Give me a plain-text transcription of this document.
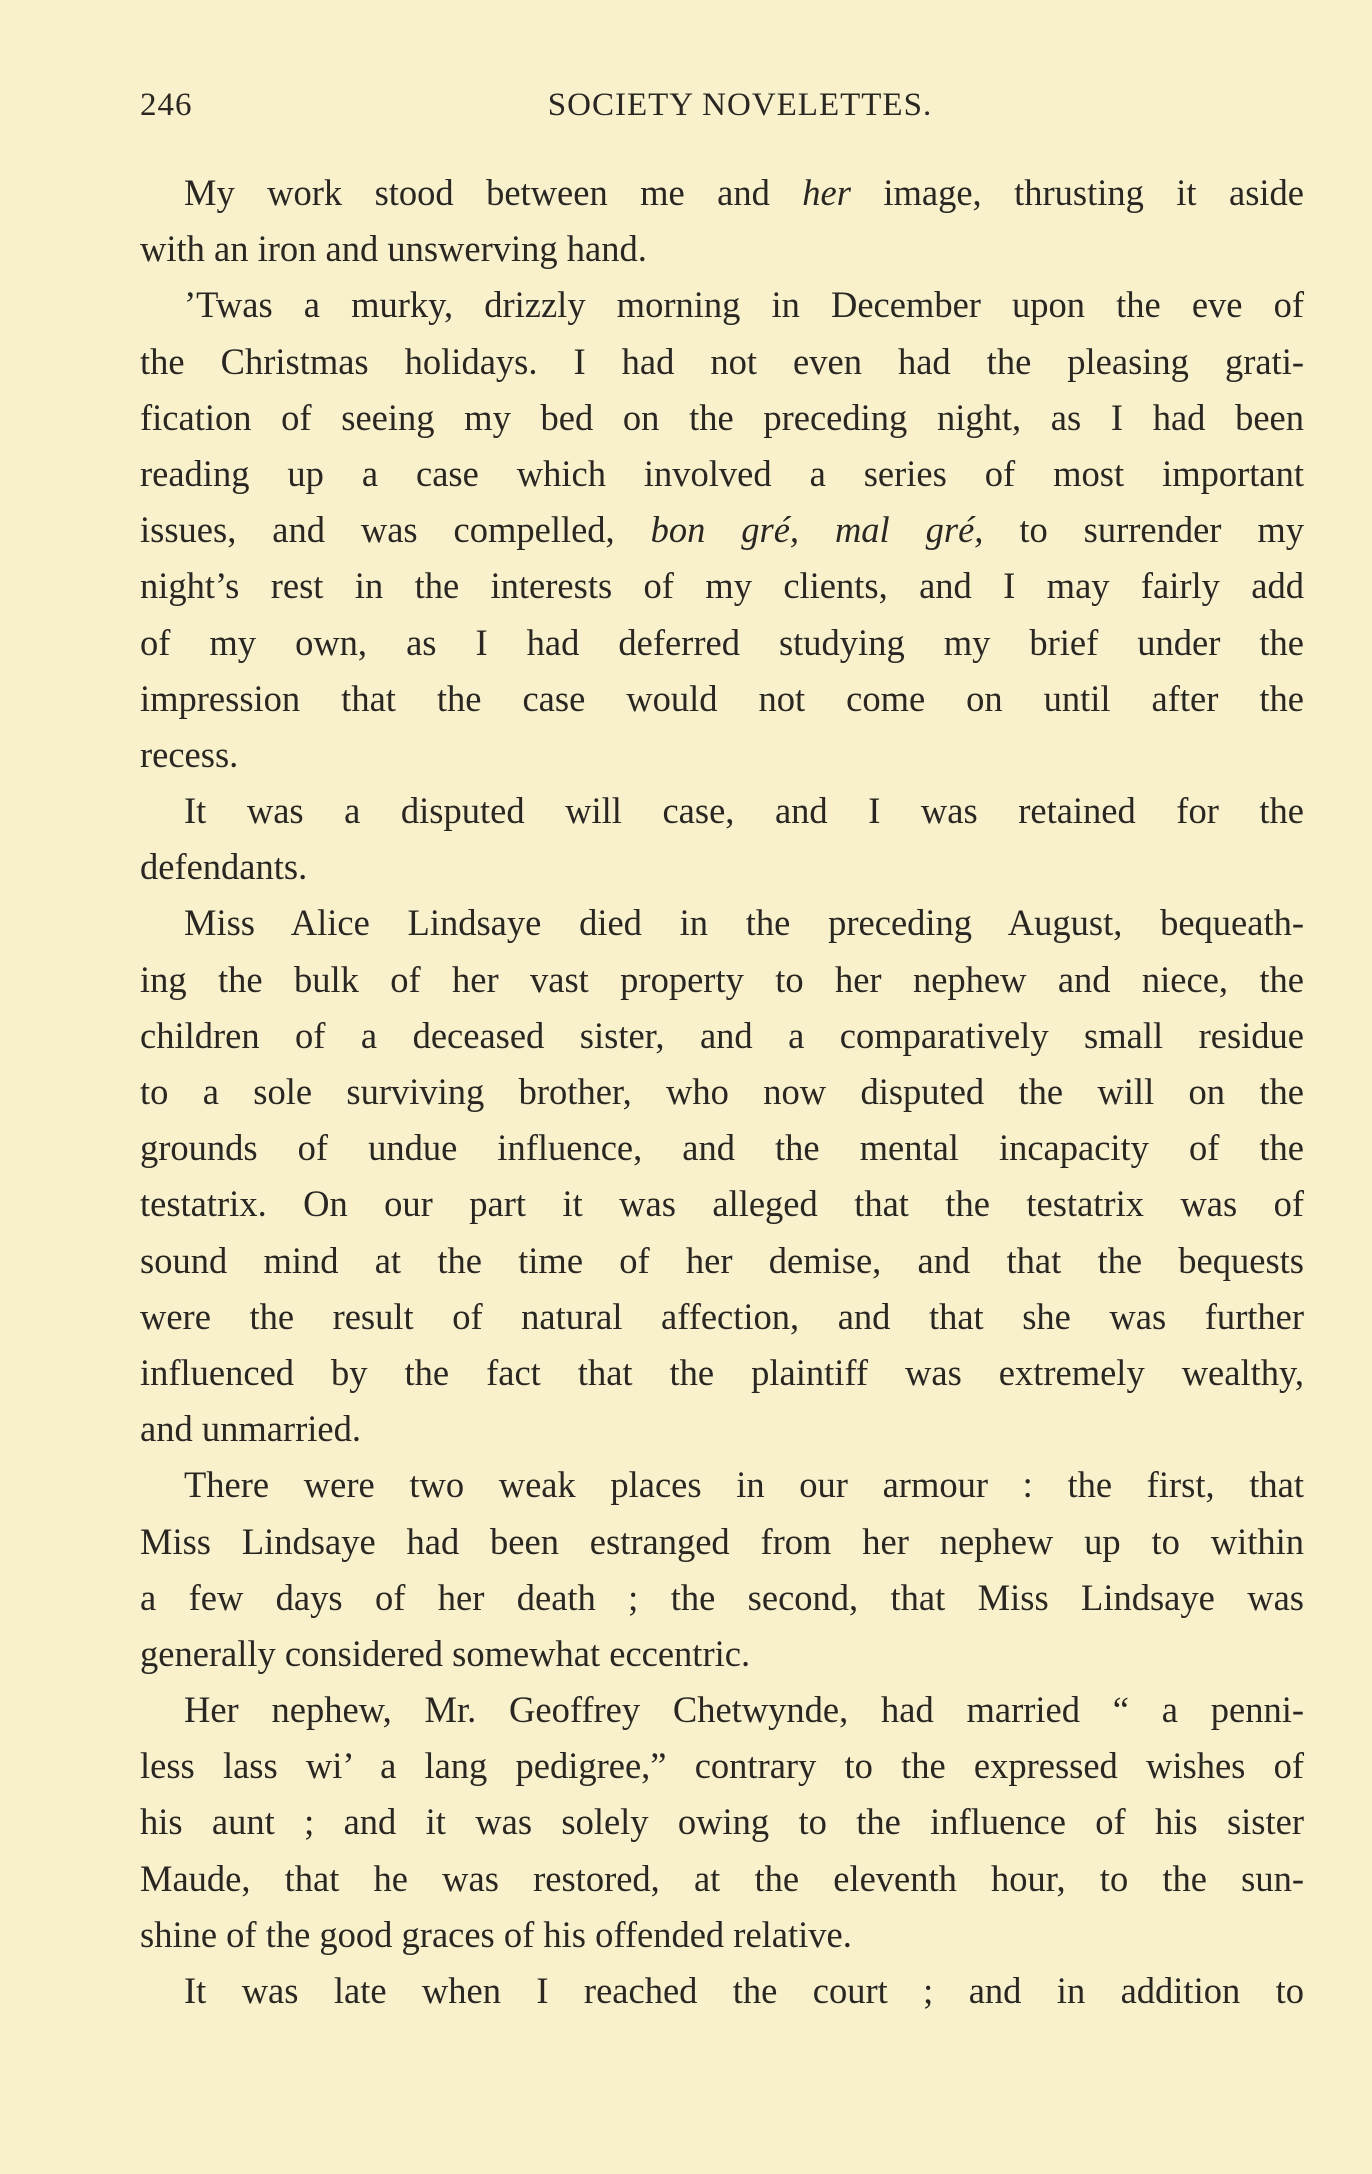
246	SOCIETY NOVELETTES.
My work stood between me and her image, thrusting it aside
with an iron and unswerving hand.
’Twas a murky, drizzly morning in December upon the eve of
the Christmas holidays. I had not even had the pleasing grati-
fication of seeing my bed on the preceding night, as I had been
reading up a case which involved a series of most important
issues, and was compelled, bon gré, mal gré, to surrender my
night’s rest in the interests of my clients, and I may fairly add
of my own, as I had deferred studying my brief under the
impression that the case would not come on until after the
recess.
It was a disputed will case, and I was retained for the
defendants.
Miss Alice Lindsaye died in the preceding August, bequeath-
ing the bulk of her vast property to her nephew and niece, the
children of a deceased sister, and a comparatively small residue
to a sole surviving brother, who now disputed the will on the
grounds of undue influence, and the mental incapacity of the
testatrix. On our part it was alleged that the testatrix was of
sound mind at the time of her demise, and that the bequests
were the result of natural affection, and that she was further
influenced by the fact that the plaintiff was extremely wealthy,
and unmarried.
There were two weak places in our armour : the first, that
Miss Lindsaye had been estranged from her nephew up to within
a few days of her death ; the second, that Miss Lindsaye was
generally considered somewhat eccentric.
Her nephew, Mr. Geoffrey Chetwynde, had married “ a penni-
less lass wi’ a lang pedigree,” contrary to the expressed wishes of
his aunt ; and it was solely owing to the influence of his sister
Maude, that he was restored, at the eleventh hour, to the sun-
shine of the good graces of his offended relative.
It was late when I reached the court ; and in addition to
